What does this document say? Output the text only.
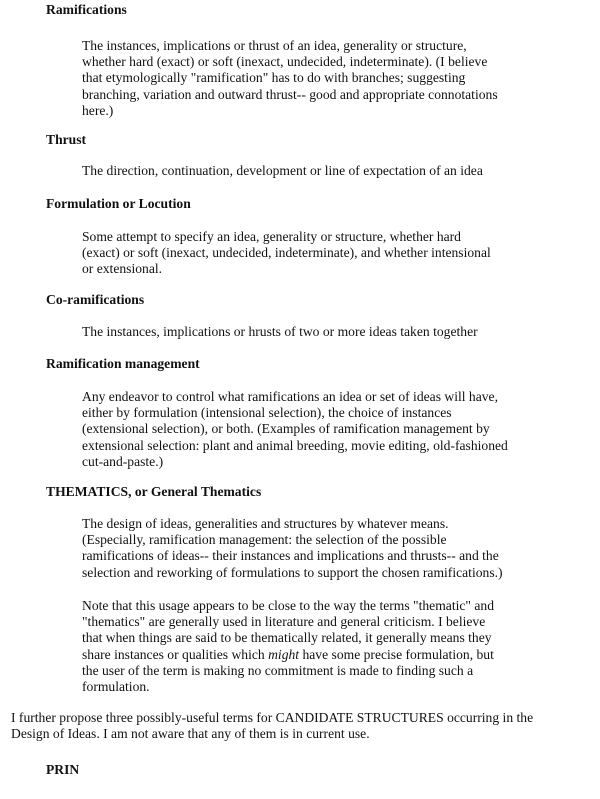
Ramifications
The instances, implications or thrust of an idea, generality or structure,
whether hard (exact) or soft (inexact, undecided, indeterminate). (I believe
that etymologically "ramification" has to do with branches; suggesting
branching, variation and outward thrust-- good and appropriate connotations
here.)
Thrust
The direction, continuation, development or line of expectation of an idea
Formulation or Locution
Some attempt to specify an idea, generality or structure, whether hard
(exact) or soft (inexact, undecided, indeterminate), and whether intensional
or extensional.
Co-ramifications
The instances, implications or hrusts of two or more ideas taken together
Ramification management
Any endeavor to control what ramifications an idea or set of ideas will have,
either by formulation (intensional selection), the choice of instances
(extensional selection), or both. (Examples of ramification management by
extensional selection: plant and animal breeding, movie editing, old-fashioned
cut-and-paste.)
THEMATICS, or General Thematics
The design of ideas, generalities and structures by whatever means.
(Especially, ramification management: the selection of the possible
ramifications of ideas-- their instances and implications and thrusts-- and the
selection and reworking of formulations to support the chosen ramifications.)
Note that this usage appears to be close to the way the terms "thematic" and
"thematics" are generally used in literature and general criticism. I believe
that when things are said to be thematically related, it generally means they
share instances or qualities which might have some precise formulation, but
the user of the term is making no commitment is made to finding such a
formulation.
I further propose three possibly-useful terms for CANDIDATE STRUCTURES occurring in the
Design of Ideas. I am not aware that any of them is in current use.
PRIN
